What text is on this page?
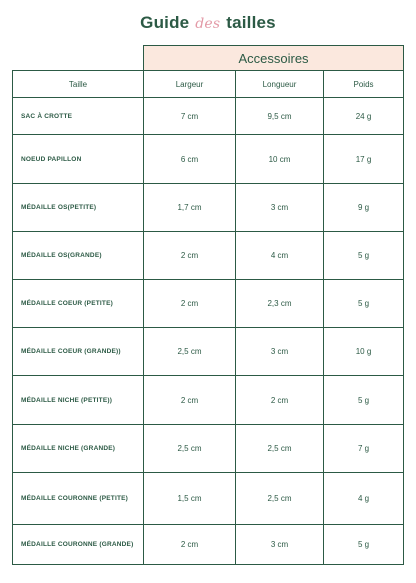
Guide des tailles
	Accessoires		
Taille	Largeur	Longueur	Poids
SAC À CROTTE	7 cm	9,5 cm	24 g
NOEUD PAPILLON	6 cm	10 cm	17 g
MÉDAILLE OS(PETITE)	1,7 cm	3 cm	9 g
MÉDAILLE OS(GRANDE)	2 cm	4 cm	5 g
MÉDAILLE COEUR (PETITE)	2 cm	2,3 cm	5 g
MÉDAILLE COEUR (GRANDE))	2,5 cm	3 cm	10 g
MÉDAILLE NICHE (PETITE))	2 cm	2 cm	5 g
MÉDAILLE NICHE (GRANDE)	2,5 cm	2,5 cm	7 g
MÉDAILLE COURONNE (PETITE)	1,5 cm	2,5 cm	4 g
MÉDAILLE COURONNE (GRANDE)	2 cm	3 cm	5 g
